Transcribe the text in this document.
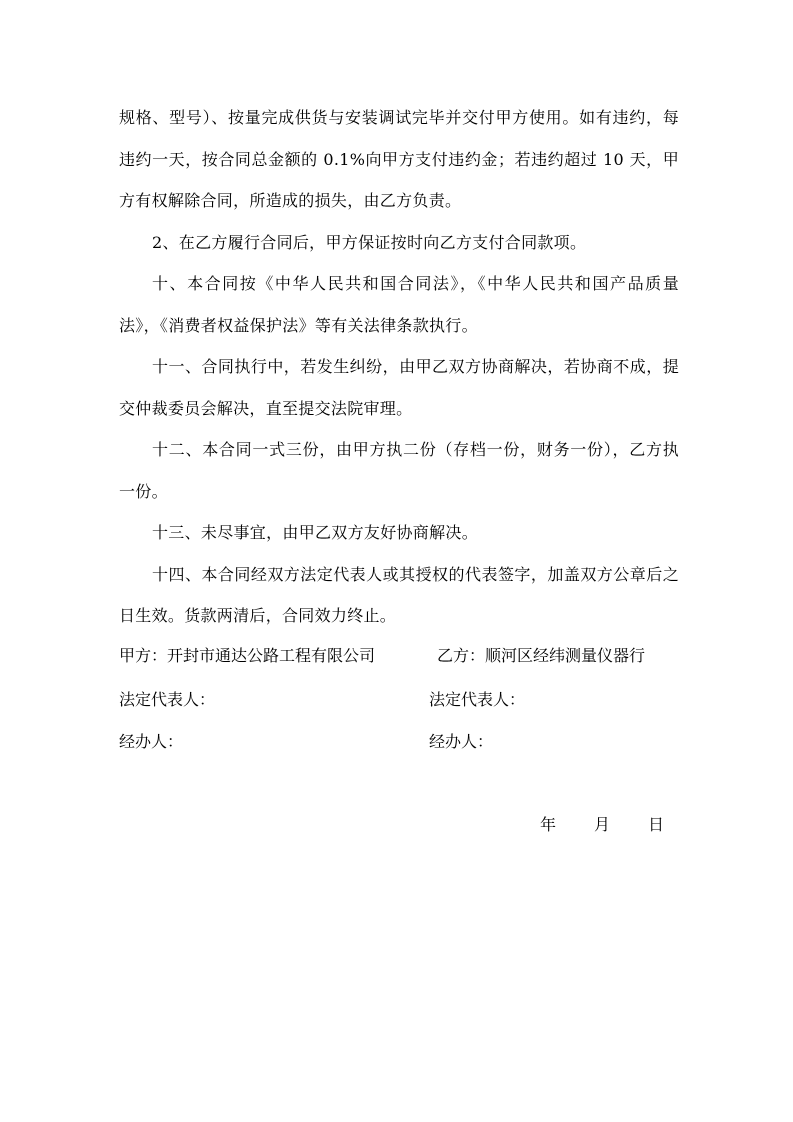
规格、型号）、按量完成供货与安装调试完毕并交付甲方使用。如有违约，每违约一天，按合同总金额的 0.1%向甲方支付违约金；若违约超过 10 天，甲方有权解除合同，所造成的损失，由乙方负责。

2、在乙方履行合同后，甲方保证按时向乙方支付合同款项。

十、本合同按《中华人民共和国合同法》，《中华人民共和国产品质量法》，《消费者权益保护法》等有关法律条款执行。

十一、合同执行中，若发生纠纷，由甲乙双方协商解决，若协商不成，提交仲裁委员会解决，直至提交法院审理。

十二、本合同一式三份，由甲方执二份（存档一份，财务一份），乙方执一份。

十三、未尽事宜，由甲乙双方友好协商解决。

十四、本合同经双方法定代表人或其授权的代表签字，加盖双方公章后之日生效。货款两清后，合同效力终止。

甲方：开封市通达公路工程有限公司	乙方：顺河区经纬测量仪器行
法定代表人：	法定代表人：
经办人：	经办人：
年 月 日
